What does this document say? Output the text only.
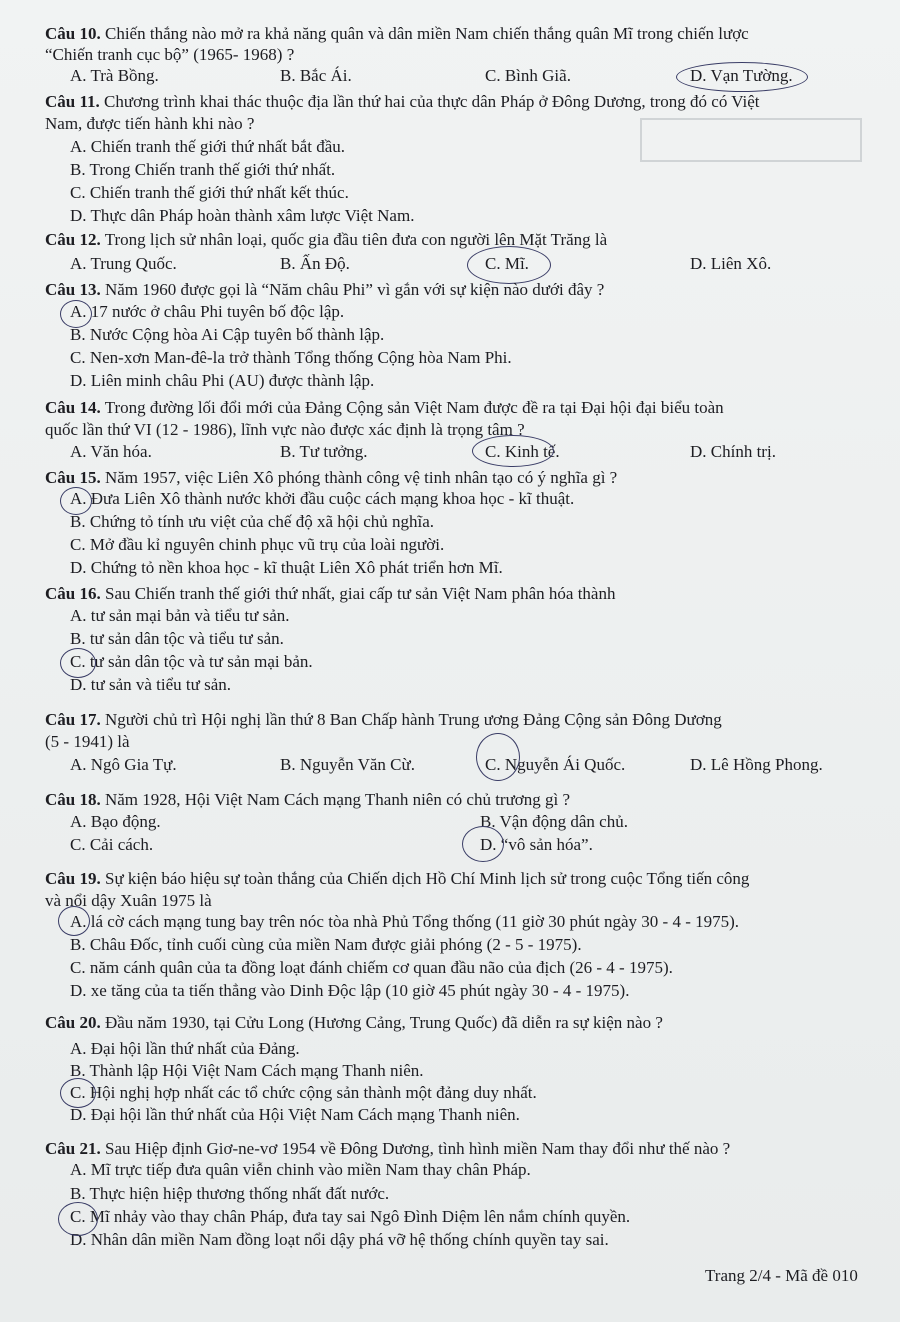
Câu 10. Chiến thắng nào mở ra khả năng quân và dân miền Nam chiến thắng quân Mĩ trong chiến lược
“Chiến tranh cục bộ” (1965- 1968) ?
A. Trà Bồng.	B. Bắc Ái.	C. Bình Giã.	D. Vạn Tường.
Câu 11. Chương trình khai thác thuộc địa lần thứ hai của thực dân Pháp ở Đông Dương, trong đó có Việt
Nam, được tiến hành khi nào ?
A. Chiến tranh thế giới thứ nhất bắt đầu.
B. Trong Chiến tranh thế giới thứ nhất.
C. Chiến tranh thế giới thứ nhất kết thúc.
D. Thực dân Pháp hoàn thành xâm lược Việt Nam.
Câu 12. Trong lịch sử nhân loại, quốc gia đầu tiên đưa con người lên Mặt Trăng là
A. Trung Quốc.	B. Ấn Độ.	C. Mĩ.	D. Liên Xô.
Câu 13. Năm 1960 được gọi là “Năm châu Phi” vì gắn với sự kiện nào dưới đây ?
A. 17 nước ở châu Phi tuyên bố độc lập.
B. Nước Cộng hòa Ai Cập tuyên bố thành lập.
C. Nen-xơn Man-đê-la trở thành Tổng thống Cộng hòa Nam Phi.
D. Liên minh châu Phi (AU) được thành lập.
Câu 14. Trong đường lối đổi mới của Đảng Cộng sản Việt Nam được đề ra tại Đại hội đại biểu toàn
quốc lần thứ VI (12 - 1986), lĩnh vực nào được xác định là trọng tâm ?
A. Văn hóa.	B. Tư tưởng.	C. Kinh tế.	D. Chính trị.
Câu 15. Năm 1957, việc Liên Xô phóng thành công vệ tinh nhân tạo có ý nghĩa gì ?
A. Đưa Liên Xô thành nước khởi đầu cuộc cách mạng khoa học - kĩ thuật.
B. Chứng tỏ tính ưu việt của chế độ xã hội chủ nghĩa.
C. Mở đầu kỉ nguyên chinh phục vũ trụ của loài người.
D. Chứng tỏ nền khoa học - kĩ thuật Liên Xô phát triển hơn Mĩ.
Câu 16. Sau Chiến tranh thế giới thứ nhất, giai cấp tư sản Việt Nam phân hóa thành
A. tư sản mại bản và tiểu tư sản.
B. tư sản dân tộc và tiểu tư sản.
C. tư sản dân tộc và tư sản mại bản.
D. tư sản và tiểu tư sản.
Câu 17. Người chủ trì Hội nghị lần thứ 8 Ban Chấp hành Trung ương Đảng Cộng sản Đông Dương
(5 - 1941) là
A. Ngô Gia Tự.	B. Nguyễn Văn Cừ.	C. Nguyễn Ái Quốc.	D. Lê Hồng Phong.
Câu 18. Năm 1928, Hội Việt Nam Cách mạng Thanh niên có chủ trương gì ?
A. Bạo động.	B. Vận động dân chủ.
C. Cải cách.	D. “vô sản hóa”.
Câu 19. Sự kiện báo hiệu sự toàn thắng của Chiến dịch Hồ Chí Minh lịch sử trong cuộc Tổng tiến công
và nổi dậy Xuân 1975 là
A. lá cờ cách mạng tung bay trên nóc tòa nhà Phủ Tổng thống (11 giờ 30 phút ngày 30 - 4 - 1975).
B. Châu Đốc, tỉnh cuối cùng của miền Nam được giải phóng (2 - 5 - 1975).
C. năm cánh quân của ta đồng loạt đánh chiếm cơ quan đầu não của địch (26 - 4 - 1975).
D. xe tăng của ta tiến thẳng vào Dinh Độc lập (10 giờ 45 phút ngày 30 - 4 - 1975).
Câu 20. Đầu năm 1930, tại Cửu Long (Hương Cảng, Trung Quốc) đã diễn ra sự kiện nào ?
A. Đại hội lần thứ nhất của Đảng.
B. Thành lập Hội Việt Nam Cách mạng Thanh niên.
C. Hội nghị hợp nhất các tổ chức cộng sản thành một đảng duy nhất.
D. Đại hội lần thứ nhất của Hội Việt Nam Cách mạng Thanh niên.
Câu 21. Sau Hiệp định Giơ-ne-vơ 1954 về Đông Dương, tình hình miền Nam thay đổi như thế nào ?
A. Mĩ trực tiếp đưa quân viễn chinh vào miền Nam thay chân Pháp.
B. Thực hiện hiệp thương thống nhất đất nước.
C. Mĩ nhảy vào thay chân Pháp, đưa tay sai Ngô Đình Diệm lên nắm chính quyền.
D. Nhân dân miền Nam đồng loạt nổi dậy phá vỡ hệ thống chính quyền tay sai.
Trang 2/4 - Mã đề 010
